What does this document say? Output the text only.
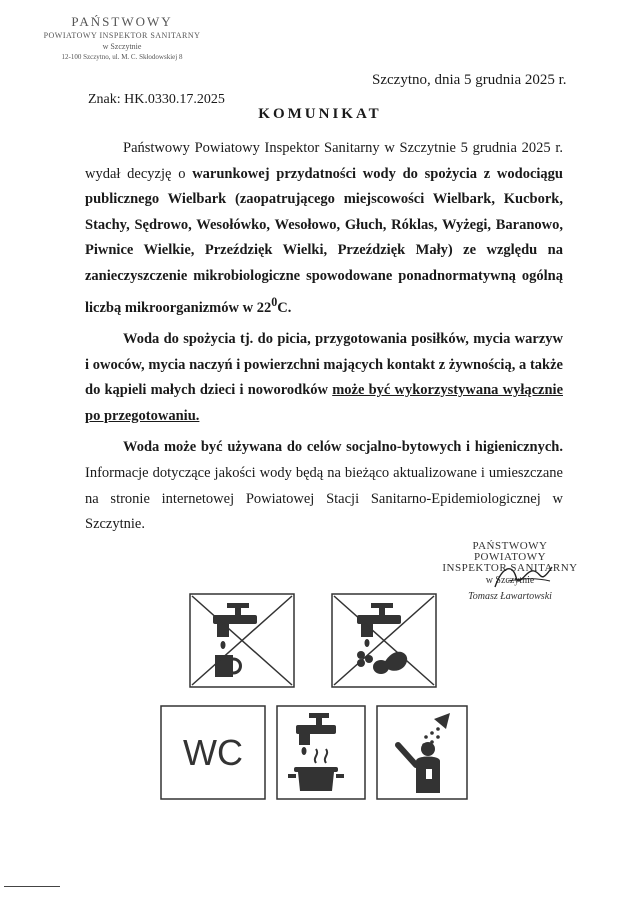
PAŃSTWOWY
POWIATOWY INSPEKTOR SANITARNY
w Szczytnie
12-100 Szczytno, ul. M. C. Skłodowskiej 8
Szczytno, dnia 5 grudnia 2025 r.
Znak: HK.0330.17.2025
KOMUNIKAT

Państwowy Powiatowy Inspektor Sanitarny w Szczytnie 5 grudnia 2025 r. wydał decyzję o warunkowej przydatności wody do spożycia z wodociągu publicznego Wielbark (zaopatrującego miejscowości Wielbark, Kucbork, Stachy, Sędrowo, Wesołówko, Wesołowo, Głuch, Róklas, Wyżegi, Baranowo, Piwnice Wielkie, Przeździęk Wielki, Przeździęk Mały) ze względu na zanieczyszczenie mikrobiologiczne spowodowane ponadnormatywną ogólną liczbą mikroorganizmów w $22^0C$.

Woda do spożycia tj. do picia, przygotowania posiłków, mycia warzyw i owoców, mycia naczyń i powierzchni mających kontakt z żywnością, a także do kąpieli małych dzieci i noworodków może być wykorzystywana wyłącznie po przegotowaniu.

Woda może być używana do celów socjalno-bytowych i higienicznych. Informacje dotyczące jakości wody będą na bieżąco aktualizowane i umieszczane na stronie internetowej Powiatowej Stacji Sanitarno-Epidemiologicznej w Szczytnie.

PAŃSTWOWY POWIATOWY
INSPEKTOR SANITARNY
w Szczytnie
Tomasz Ławartowski
WC
